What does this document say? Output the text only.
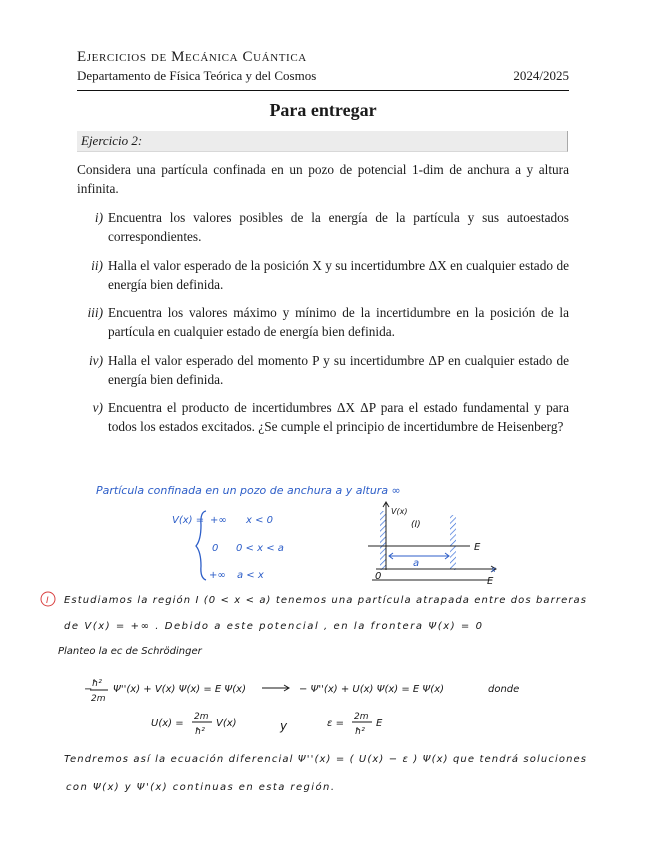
Ejercicios de Mecánica Cuántica
Departamento de Física Teórica y del Cosmos	2024/2025
Para entregar
Ejercicio 2:
Considera una partícula confinada en un pozo de potencial 1-dim de anchura a y altura infinita.
i) Encuentra los valores posibles de la energía de la partícula y sus autoestados correspondientes.
ii) Halla el valor esperado de la posición X y su incertidumbre ΔX en cualquier estado de energía bien definida.
iii) Encuentra los valores máximo y mínimo de la incertidumbre en la posición de la partícula en cualquier estado de energía bien definida.
iv) Halla el valor esperado del momento P y su incertidumbre ΔP en cualquier estado de energía bien definida.
v) Encuentra el producto de incertidumbres ΔX ΔP para el estado fundamental y para todos los estados excitados. ¿Se cumple el principio de incertidumbre de Heisenberg?
Partícula confinada en un pozo de anchura a y altura ∞
V(x) = +∞ x < 0
0 0 < x < a
+∞ a < x
V(x)
(I)
E
a
0
x
E
I Estudiamos la región I (0 < x < a) tenemos una partícula atrapada entre dos barreras
de V(x) = +∞ . Debido a este potencial , en la frontera Ψ(x) = 0
Planteo la ec de Schrödinger
− ħ²
2m
Ψ''(x) + V(x) Ψ(x) = E Ψ(x)	− Ψ''(x) + U(x) Ψ(x) = E Ψ(x)	donde
U(x) =
2m
ħ²
V(x)	y	ε =
2m
ħ²
E
Tendremos así la ecuación diferencial Ψ''(x) = ( U(x) − ε ) Ψ(x) que tendrá soluciones
con Ψ(x) y Ψ'(x) continuas en esta región.
